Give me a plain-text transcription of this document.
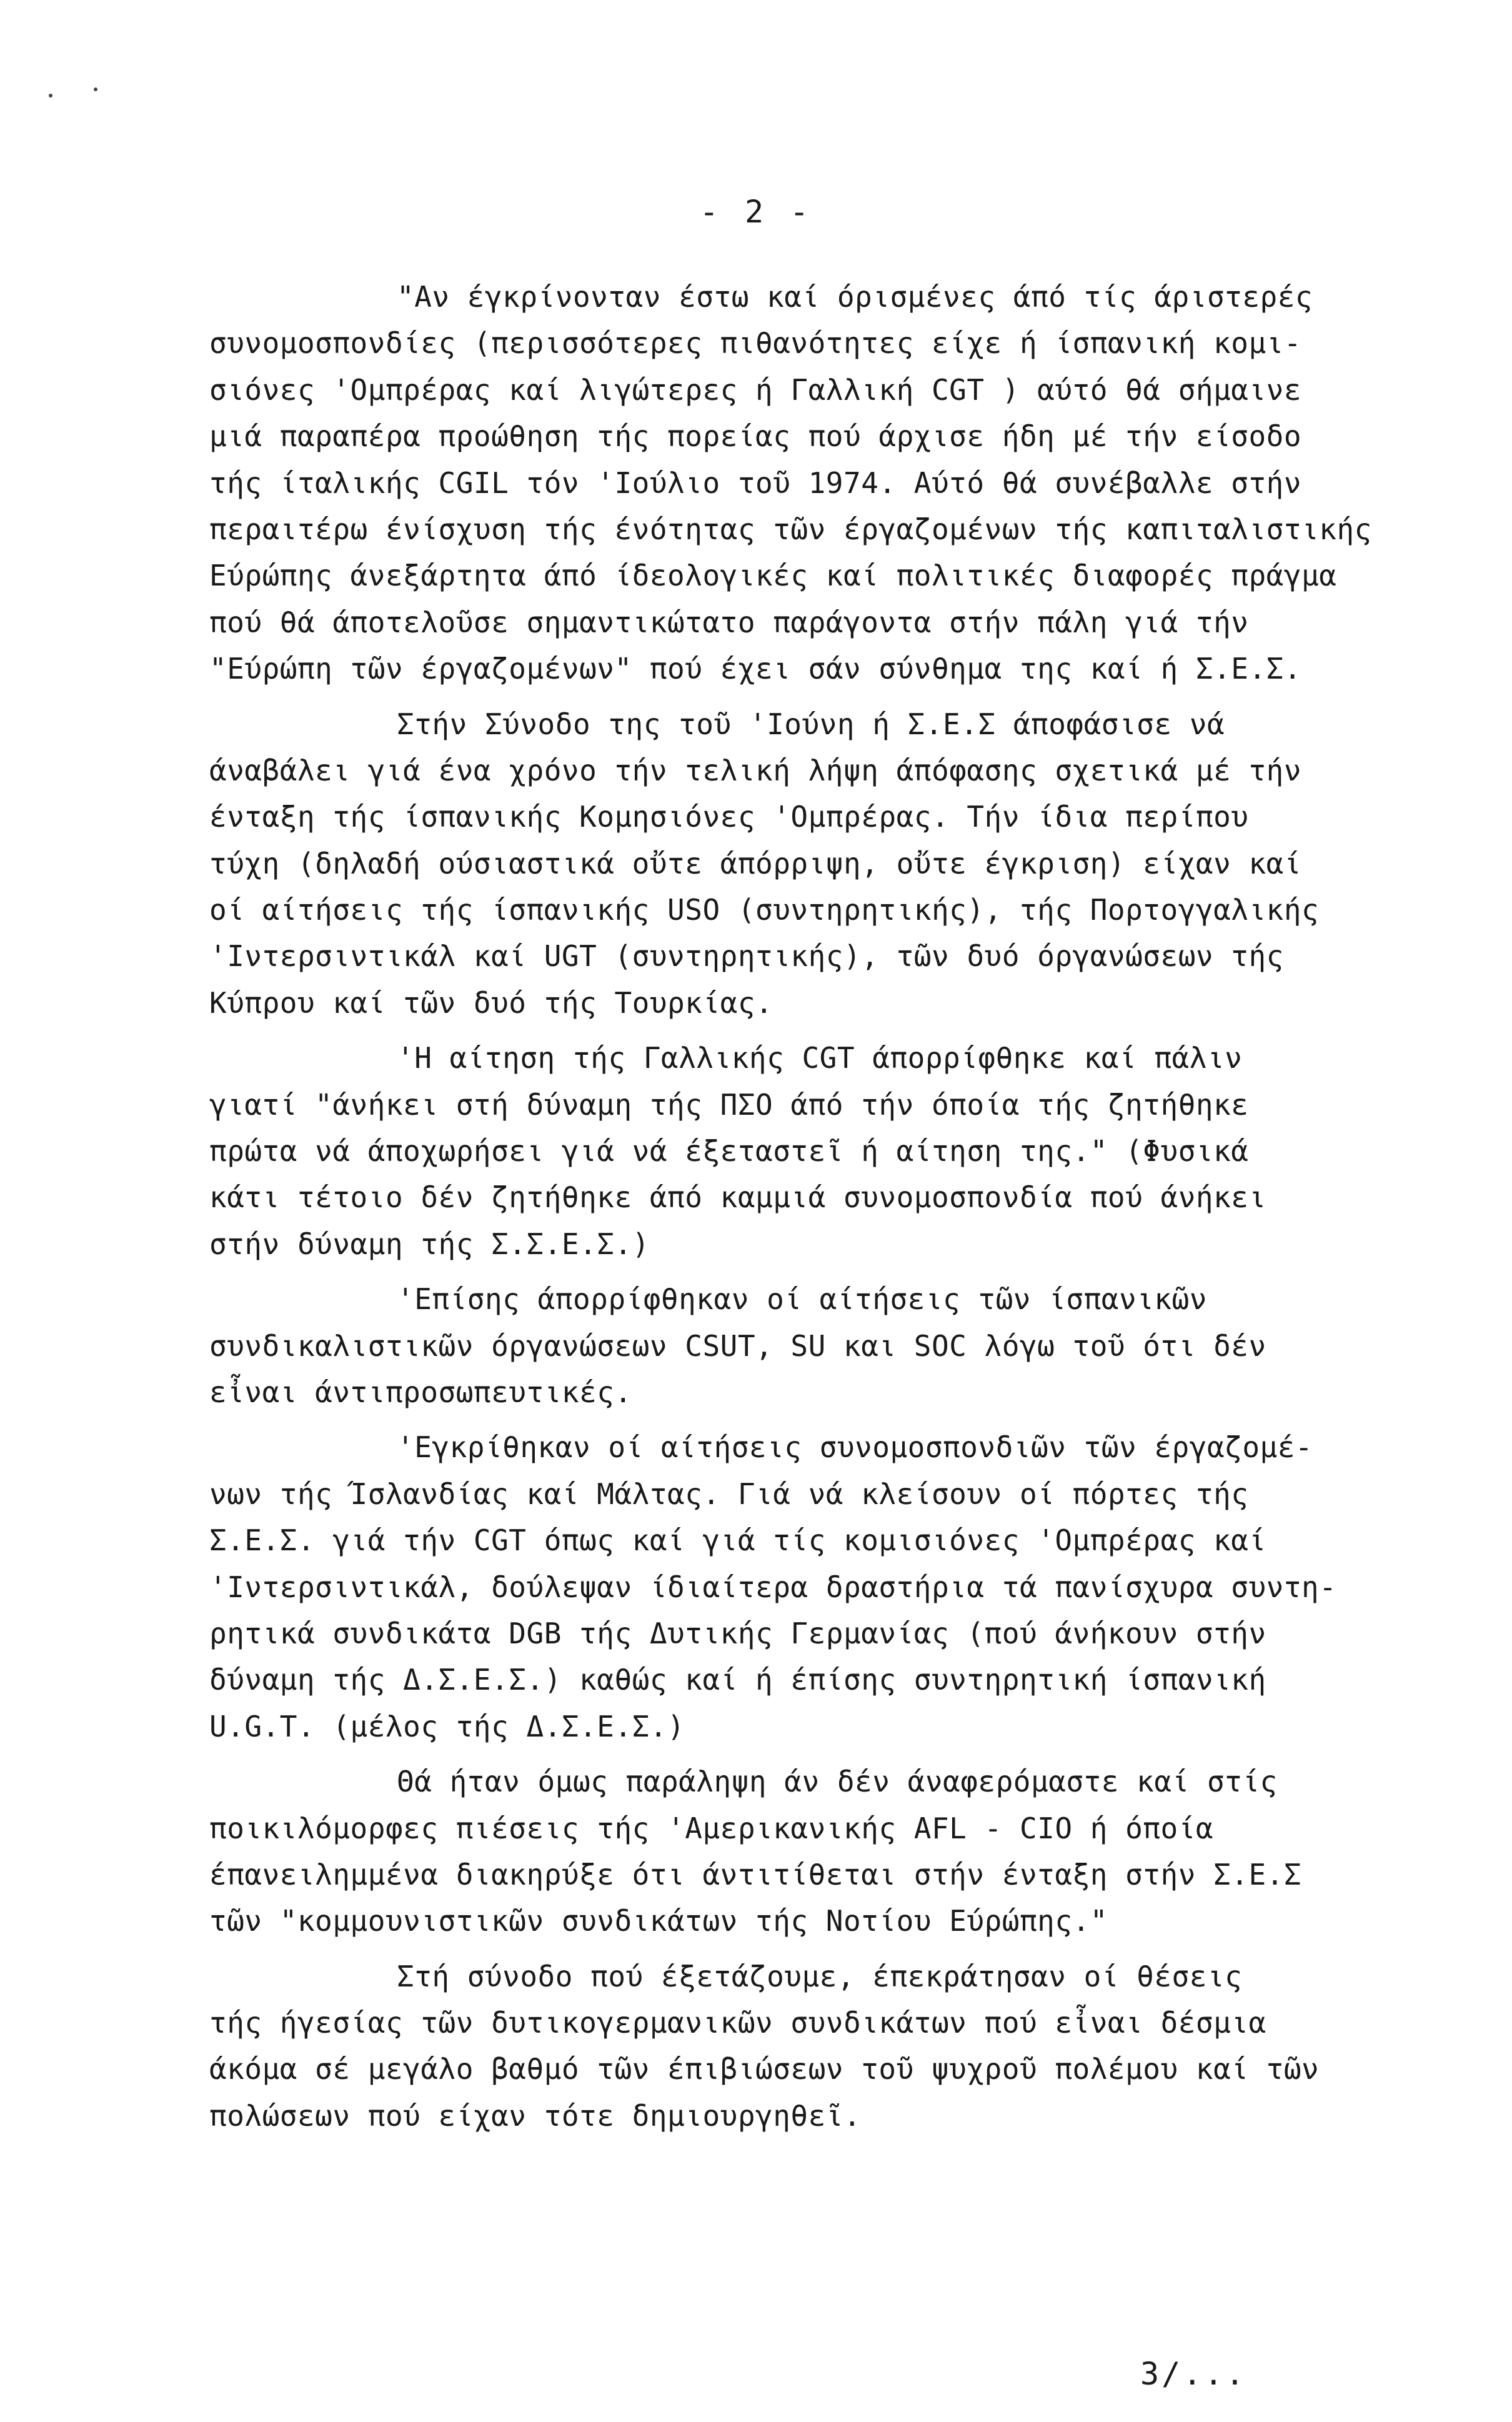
- 2 -
"Αν έγκρίνονταν έστω καί όρισμένες άπό τίς άριστερές
συνομοσπονδίες (περισσότερες πιθανότητες είχε ή ίσπανική κομι-
σιόνες 'Ομπρέρας καί λιγώτερες ή Γαλλική CGT ) αύτό θά σήμαινε
μιά παραπέρα προώθηση τής πορείας πού άρχισε ήδη μέ τήν είσοδο
τής ίταλικής CGIL τόν 'Ιούλιο τοῦ 1974. Αύτό θά συνέβαλλε στήν
περαιτέρω ένίσχυση τής ένότητας τῶν έργαζομένων τής καπιταλιστικής
Εύρώπης άνεξάρτητα άπό ίδεολογικές καί πολιτικές διαφορές πράγμα
πού θά άποτελοῦσε σημαντικώτατο παράγοντα στήν πάλη γιά τήν
"Εύρώπη τῶν έργαζομένων" πού έχει σάν σύνθημα της καί ή Σ.Ε.Σ.
Στήν Σύνοδο της τοῦ 'Ιούνη ή Σ.Ε.Σ άποφάσισε νά
άναβάλει γιά ένα χρόνο τήν τελική λήψη άπόφασης σχετικά μέ τήν
ένταξη τής ίσπανικής Κομησιόνες 'Ομπρέρας. Τήν ίδια περίπου
τύχη (δηλαδή ούσιαστικά οὔτε άπόρριψη, οὔτε έγκριση) είχαν καί
οί αίτήσεις τής ίσπανικής USO (συντηρητικής), τής Πορτογγαλικής
'Ιντερσιντικάλ καί UGT (συντηρητικής), τῶν δυό όργανώσεων τής
Κύπρου καί τῶν δυό τής Τουρκίας.
'Η αίτηση τής Γαλλικής CGT άπορρίφθηκε καί πάλιν
γιατί "άνήκει στή δύναμη τής ΠΣΟ άπό τήν όποία τής ζητήθηκε
πρώτα νά άποχωρήσει γιά νά έξεταστεῖ ή αίτηση της." (Φυσικά
κάτι τέτοιο δέν ζητήθηκε άπό καμμιά συνομοσπονδία πού άνήκει
στήν δύναμη τής Σ.Σ.Ε.Σ.)
'Επίσης άπορρίφθηκαν οί αίτήσεις τῶν ίσπανικῶν
συνδικαλιστικῶν όργανώσεων CSUT, SU και SOC λόγω τοῦ ότι δέν
εἶναι άντιπροσωπευτικές.
'Εγκρίθηκαν οί αίτήσεις συνομοσπονδιῶν τῶν έργαζομέ-
νων τής Ίσλανδίας καί Μάλτας. Γιά νά κλείσουν οί πόρτες τής
Σ.Ε.Σ. γιά τήν CGT όπως καί γιά τίς κομισιόνες 'Ομπρέρας καί
'Ιντερσιντικάλ, δούλεψαν ίδιαίτερα δραστήρια τά πανίσχυρα συντη-
ρητικά συνδικάτα DGB τής Δυτικής Γερμανίας (πού άνήκουν στήν
δύναμη τής Δ.Σ.Ε.Σ.) καθώς καί ή έπίσης συντηρητική ίσπανική
U.G.T. (μέλος τής Δ.Σ.Ε.Σ.)
Θά ήταν όμως παράληψη άν δέν άναφερόμαστε καί στίς
ποικιλόμορφες πιέσεις τής 'Αμερικανικής AFL - CIO ή όποία
έπανειλημμένα διακηρύξε ότι άντιτίθεται στήν ένταξη στήν Σ.Ε.Σ
τῶν "κομμουνιστικῶν συνδικάτων τής Νοτίου Εύρώπης."
Στή σύνοδο πού έξετάζουμε, έπεκράτησαν οί θέσεις
τής ήγεσίας τῶν δυτικογερμανικῶν συνδικάτων πού εἶναι δέσμια
άκόμα σέ μεγάλο βαθμό τῶν έπιβιώσεων τοῦ ψυχροῦ πολέμου καί τῶν
πολώσεων πού είχαν τότε δημιουργηθεῖ.
3/...
